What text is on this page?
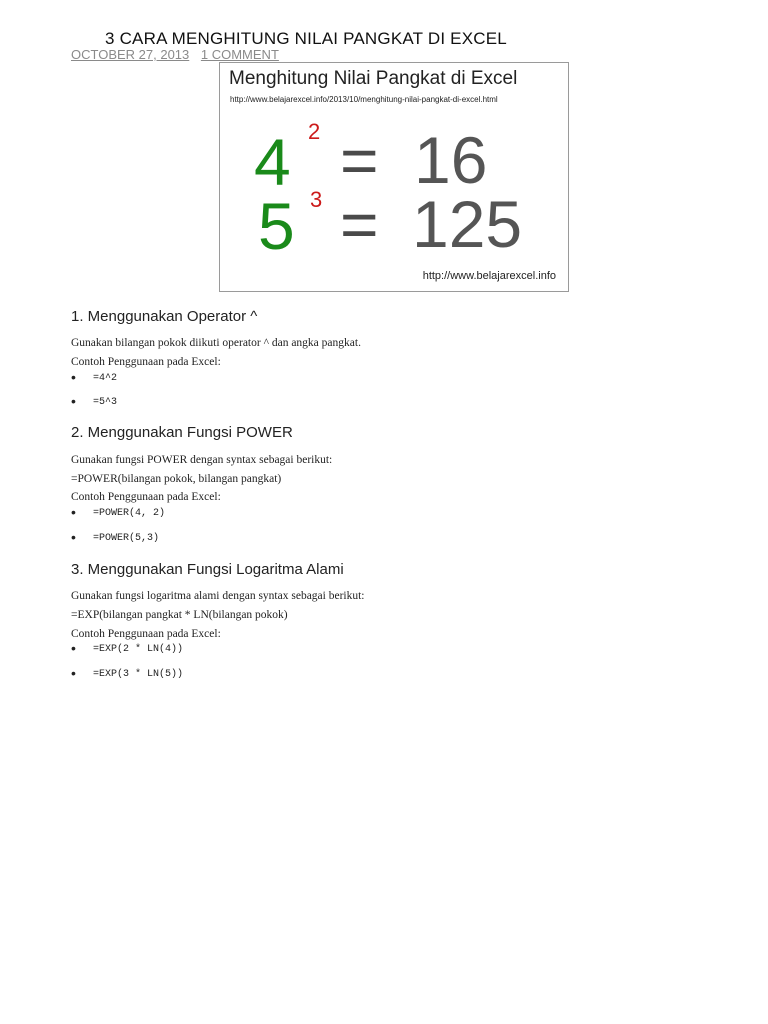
3 CARA MENGHITUNG NILAI PANGKAT DI EXCEL
OCTOBER 27, 2013 1 COMMENT
Menghitung Nilai Pangkat di Excel
http://www.belajarexcel.info/2013/10/menghitung-nilai-pangkat-di-excel.html
4 2 = 16
5 3 = 125
http://www.belajarexcel.info
1. Menggunakan Operator ^

Gunakan bilangan pokok diikuti operator ^ dan angka pangkat.

Contoh Penggunaan pada Excel:

• =4^2
• =5^3
2. Menggunakan Fungsi POWER

Gunakan fungsi POWER dengan syntax sebagai berikut:

=POWER(bilangan pokok, bilangan pangkat)

Contoh Penggunaan pada Excel:

• =POWER(4, 2)
• =POWER(5,3)
3. Menggunakan Fungsi Logaritma Alami

Gunakan fungsi logaritma alami dengan syntax sebagai berikut:

=EXP(bilangan pangkat * LN(bilangan pokok)

Contoh Penggunaan pada Excel:

• =EXP(2 * LN(4))
• =EXP(3 * LN(5))
